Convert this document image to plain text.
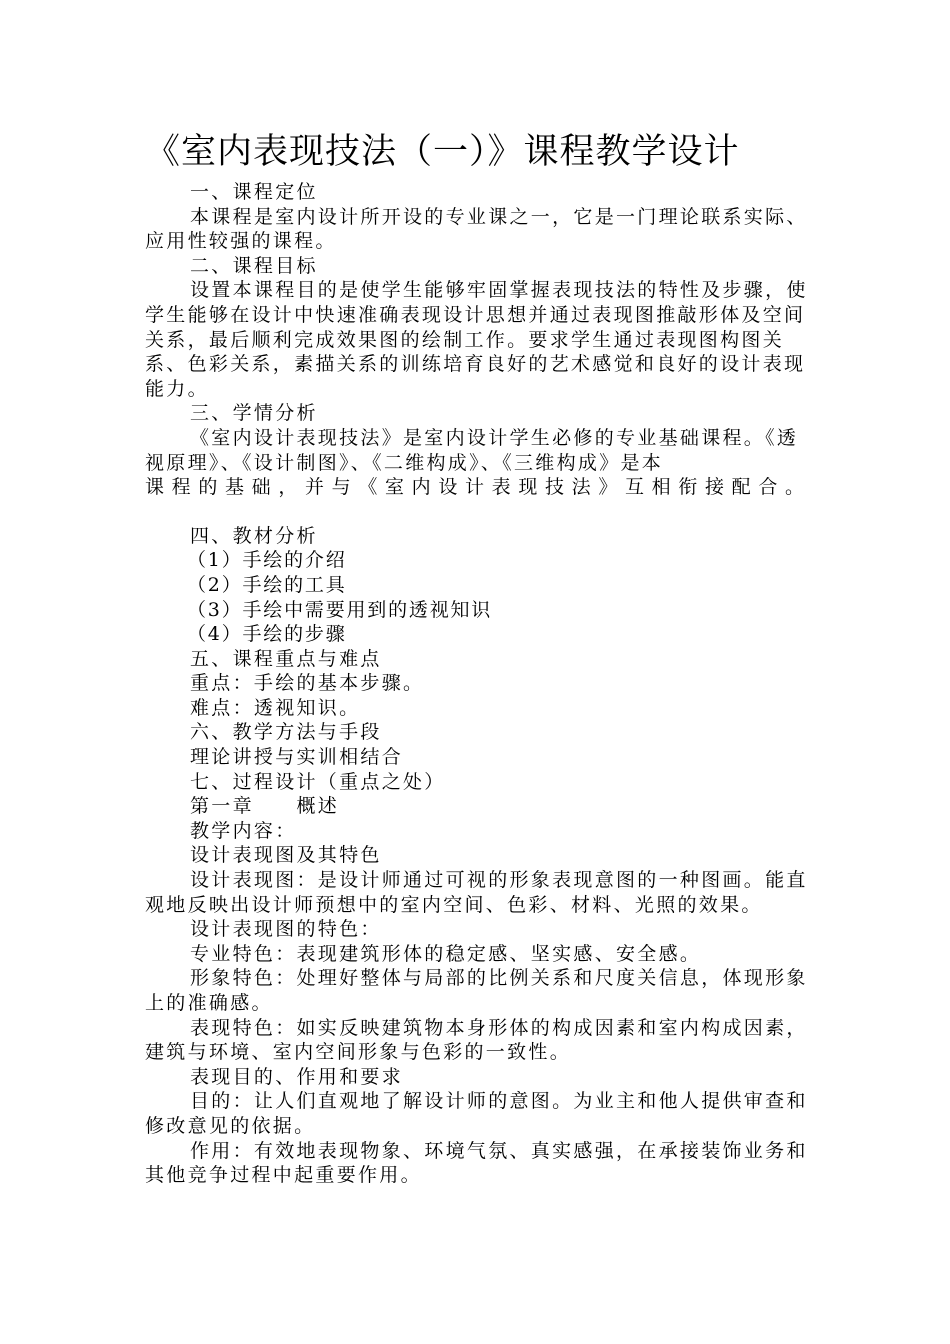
《室内表现技法（一）》课程教学设计

一、课程定位

本课程是室内设计所开设的专业课之一，它是一门理论联系实际、应用性较强的课程。

二、课程目标

设置本课程目的是使学生能够牢固掌握表现技法的特性及步骤，使学生能够在设计中快速准确表现设计思想并通过表现图推敲形体及空间关系，最后顺利完成效果图的绘制工作。要求学生通过表现图构图关系、色彩关系，素描关系的训练培育良好的艺术感觉和良好的设计表现能力。

三、学情分析

《室内设计表现技法》是室内设计学生必修的专业基础课程。《透视原理》、《设计制图》、《二维构成》、《三维构成》是本

课程的基础，并与《室内设计表现技法》互相衔接配合。

四、教材分析

（1）手绘的介绍

（2）手绘的工具

（3）手绘中需要用到的透视知识

（4）手绘的步骤

五、课程重点与难点

重点：手绘的基本步骤。

难点：透视知识。

六、教学方法与手段

理论讲授与实训相结合

七、过程设计（重点之处）

第一章　　概述

教学内容：

设计表现图及其特色

设计表现图：是设计师通过可视的形象表现意图的一种图画。能直观地反映出设计师预想中的室内空间、色彩、材料、光照的效果。

设计表现图的特色：

专业特色：表现建筑形体的稳定感、坚实感、安全感。

形象特色：处理好整体与局部的比例关系和尺度关信息，体现形象上的准确感。

表现特色：如实反映建筑物本身形体的构成因素和室内构成因素，建筑与环境、室内空间形象与色彩的一致性。

表现目的、作用和要求

目的：让人们直观地了解设计师的意图。为业主和他人提供审查和修改意见的依据。

作用：有效地表现物象、环境气氛、真实感强，在承接装饰业务和其他竞争过程中起重要作用。
